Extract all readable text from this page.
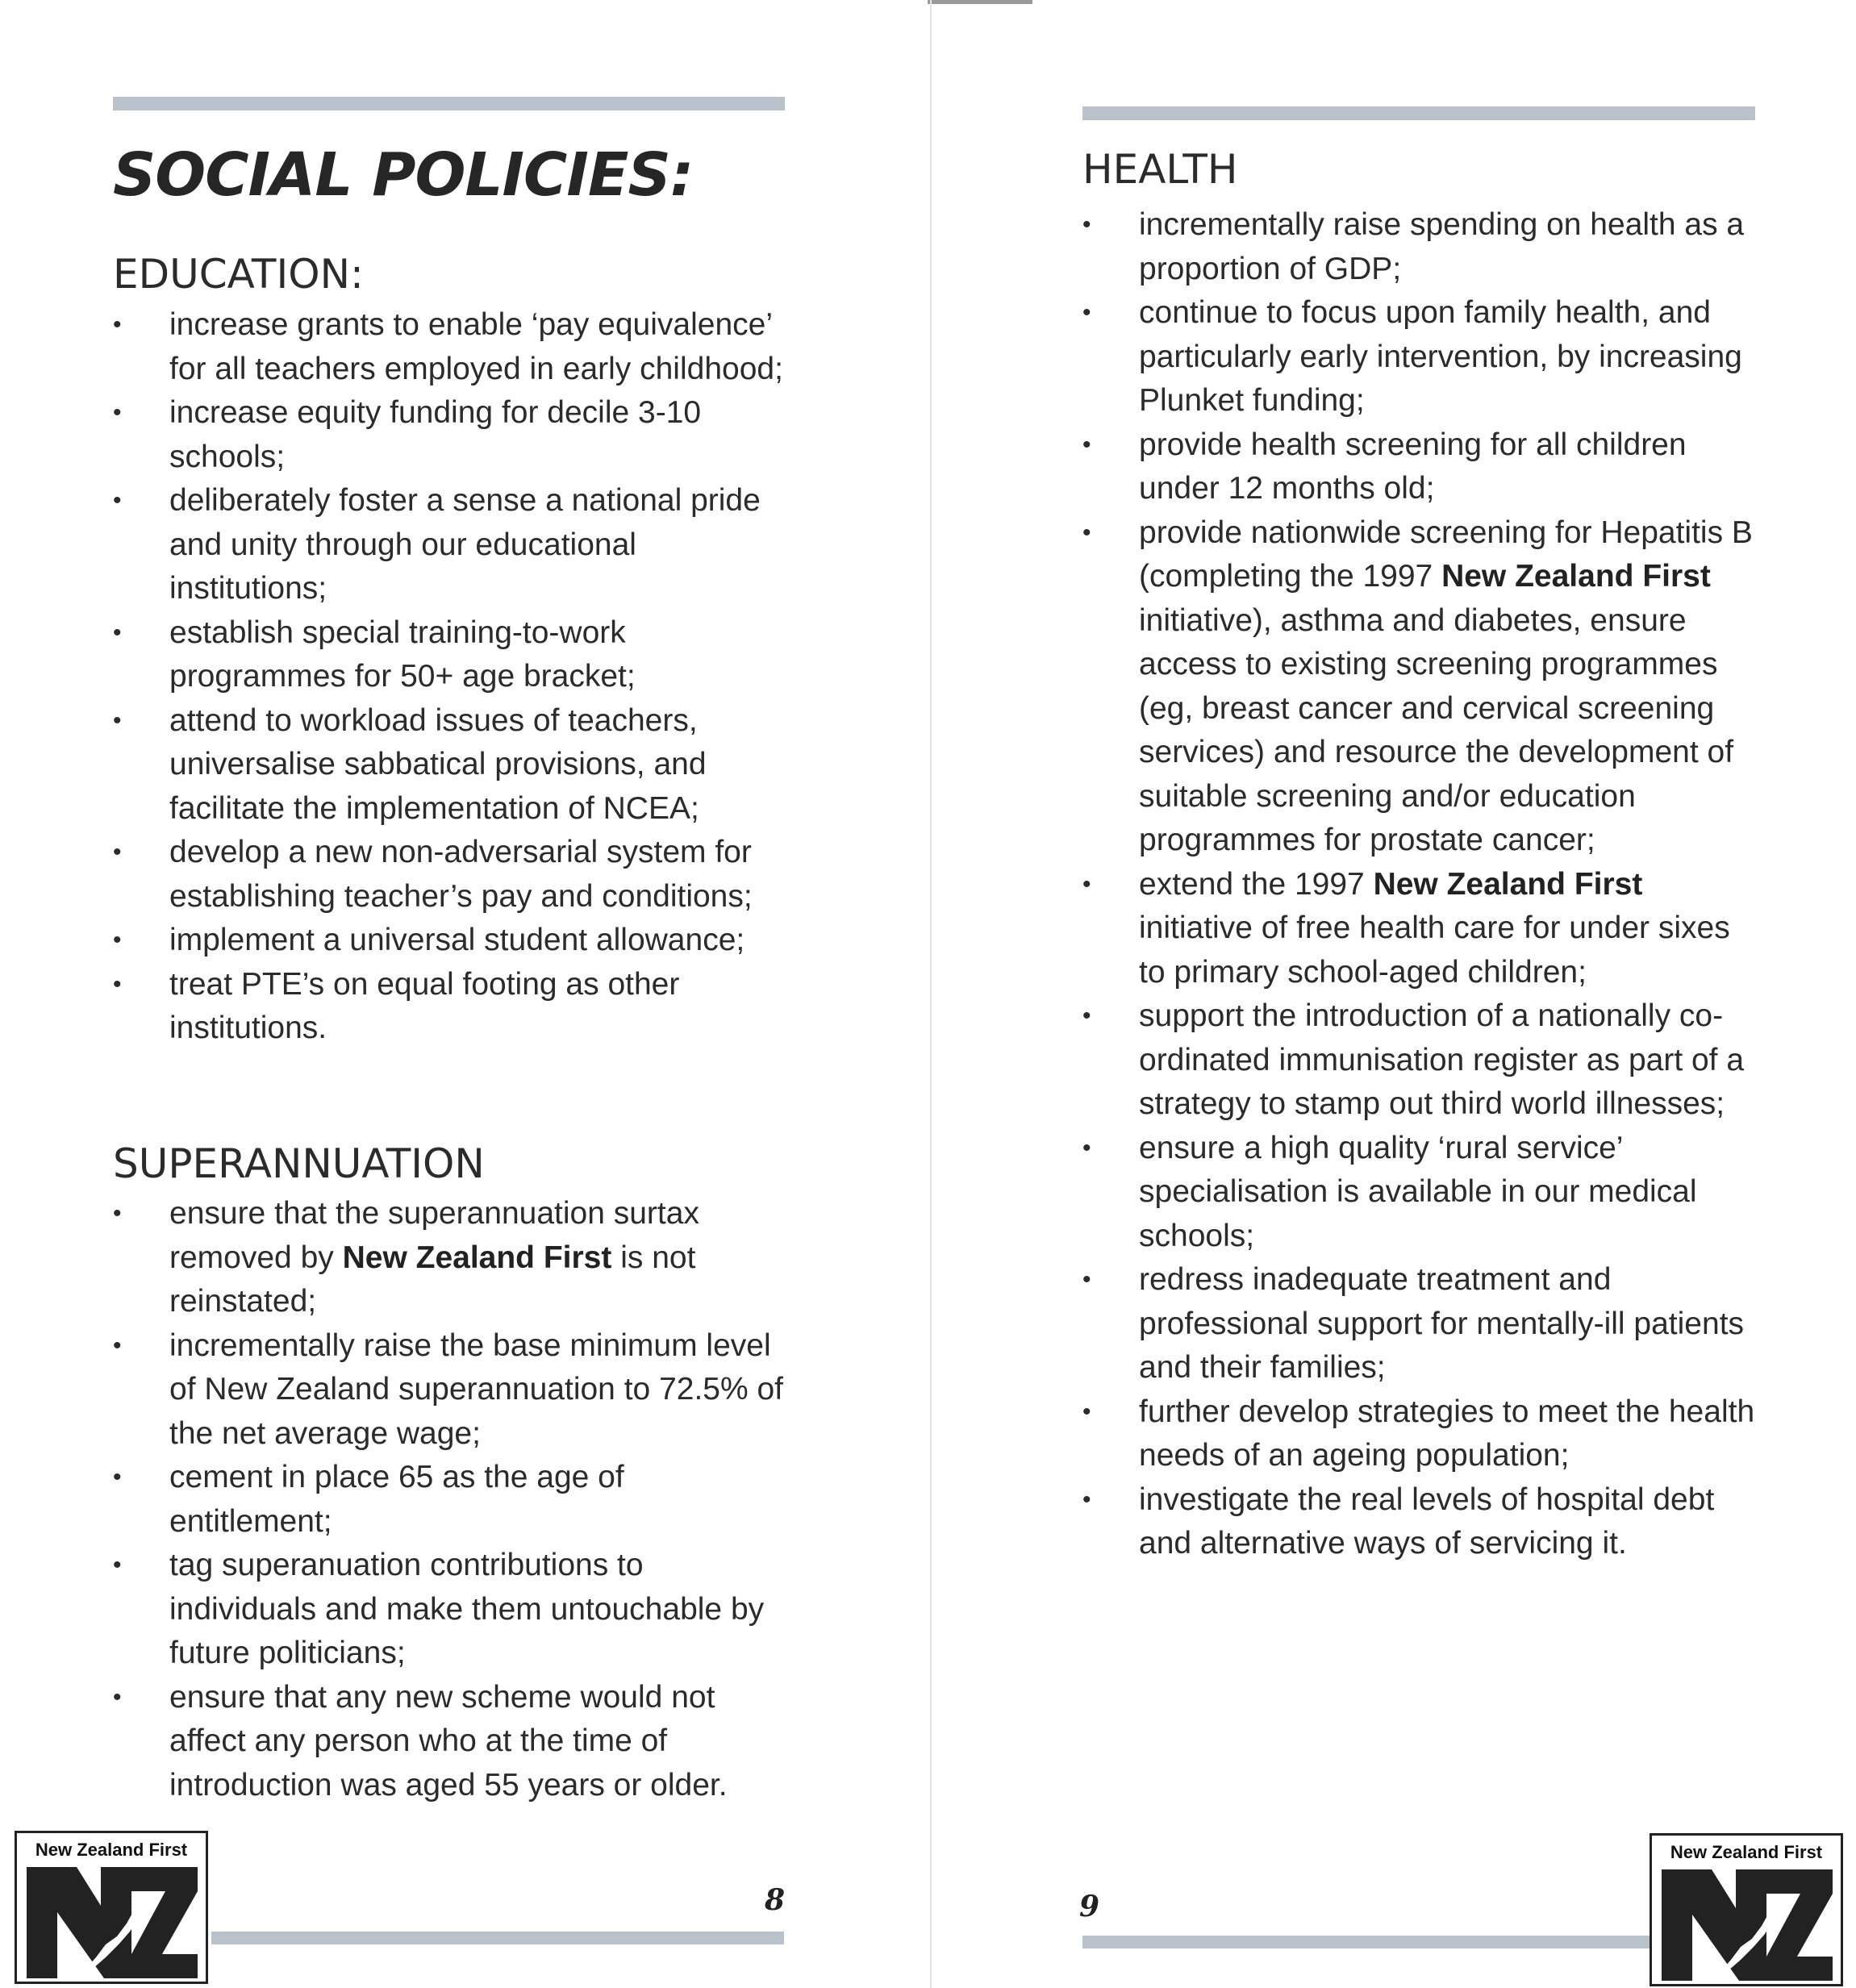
SOCIAL POLICIES:
EDUCATION:
• increase grants to enable ‘pay equivalence’ for all teachers employed in early childhood;
• increase equity funding for decile 3-10 schools;
• deliberately foster a sense a national pride and unity through our educational institutions;
• establish special training-to-work programmes for 50+ age bracket;
• attend to workload issues of teachers, universalise sabbatical provisions, and facilitate the implementation of NCEA;
• develop a new non-adversarial system for establishing teacher’s pay and conditions;
• implement a universal student allowance;
• treat PTE’s on equal footing as other institutions.
SUPERANNUATION
• ensure that the superannuation surtax removed by New Zealand First is not reinstated;
• incrementally raise the base minimum level of New Zealand superannuation to 72.5% of the net average wage;
• cement in place 65 as the age of entitlement;
• tag superanuation contributions to individuals and make them untouchable by future politicians;
• ensure that any new scheme would not affect any person who at the time of introduction was aged 55 years or older.
New Zealand First
8
HEALTH
• incrementally raise spending on health as a proportion of GDP;
• continue to focus upon family health, and particularly early intervention, by increasing Plunket funding;
• provide health screening for all children under 12 months old;
• provide nationwide screening for Hepatitis B (completing the 1997 New Zealand First initiative), asthma and diabetes, ensure access to existing screening programmes (eg, breast cancer and cervical screening services) and resource the development of suitable screening and/or education programmes for prostate cancer;
• extend the 1997 New Zealand First initiative of free health care for under sixes to primary school-aged children;
• support the introduction of a nationally co-ordinated immunisation register as part of a strategy to stamp out third world illnesses;
• ensure a high quality ‘rural service’ specialisation is available in our medical schools;
• redress inadequate treatment and professional support for mentally-ill patients and their families;
• further develop strategies to meet the health needs of an ageing population;
• investigate the real levels of hospital debt and alternative ways of servicing it.
9
New Zealand First
